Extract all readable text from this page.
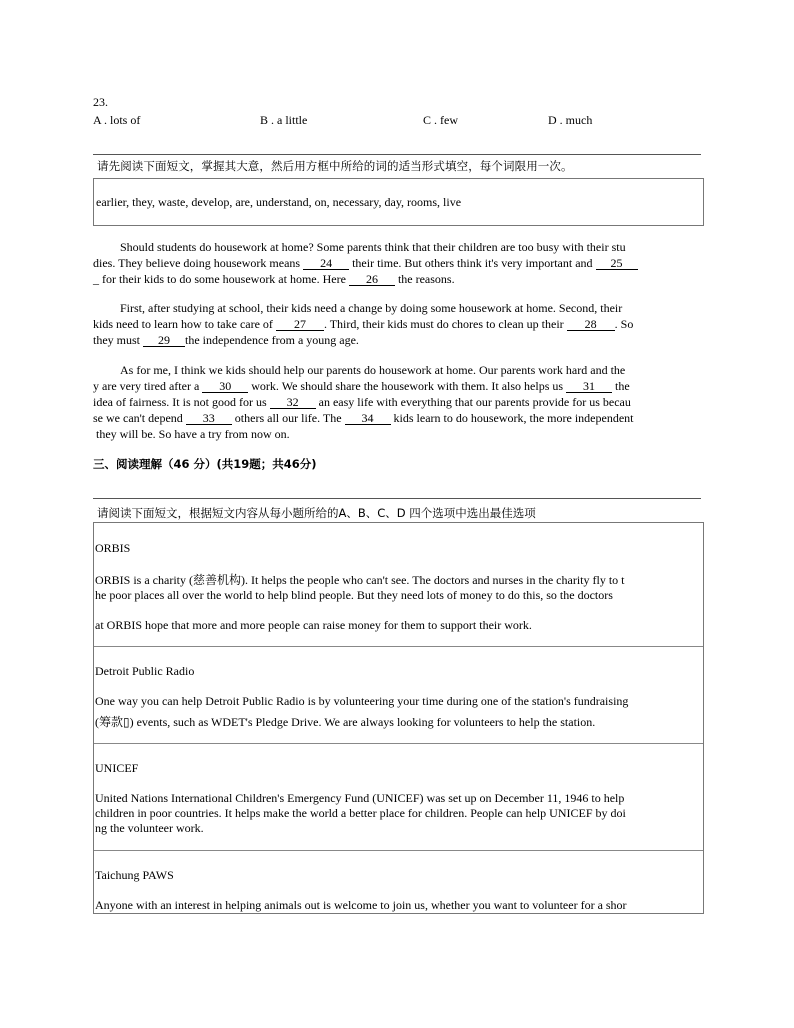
23.
A . lots of	B . a little	C . few	D . much
请先阅读下面短文，掌握其大意，然后用方框中所给的词的适当形式填空，每个词限用一次。
earlier, they, waste, develop, are, understand, on, necessary, day, rooms, live
Should students do housework at home? Some parents think that their children are too busy with their stu
dies. They believe doing housework means 24 their time. But others think it's very important and 25
_ for their kids to do some housework at home. Here 26 the reasons.
First, after studying at school, their kids need a change by doing some housework at home. Second, their
kids need to learn how to take care of 27 . Third, their kids must do chores to clean up their 28 . So
they must 29 the independence from a young age.
As for me, I think we kids should help our parents do housework at home. Our parents work hard and the
y are very tired after a 30 work. We should share the housework with them. It also helps us 31 the
idea of fairness. It is not good for us 32 an easy life with everything that our parents provide for us becau
se we can't depend 33 others all our life. The 34 kids learn to do housework, the more independent
they will be. So have a try from now on.
三、阅读理解（46 分）(共19题；共46分)
请阅读下面短文，根据短文内容从每小题所给的A、B、C、D 四个选项中选出最佳选项
ORBIS
ORBIS is a charity (慈善机构). It helps the people who can't see. The doctors and nurses in the charity fly to t
he poor places all over the world to help blind people. But they need lots of money to do this, so the doctors
at ORBIS hope that more and more people can raise money for them to support their work.
Detroit Public Radio
One way you can help Detroit Public Radio is by volunteering your time during one of the station's fundraising
(筹款▯) events, such as WDET's Pledge Drive. We are always looking for volunteers to help the station.
UNICEF
United Nations International Children's Emergency Fund (UNICEF) was set up on December 11, 1946 to help
children in poor countries. It helps make the world a better place for children. People can help UNICEF by doi
ng the volunteer work.
Taichung PAWS
Anyone with an interest in helping animals out is welcome to join us, whether you want to volunteer for a shor
